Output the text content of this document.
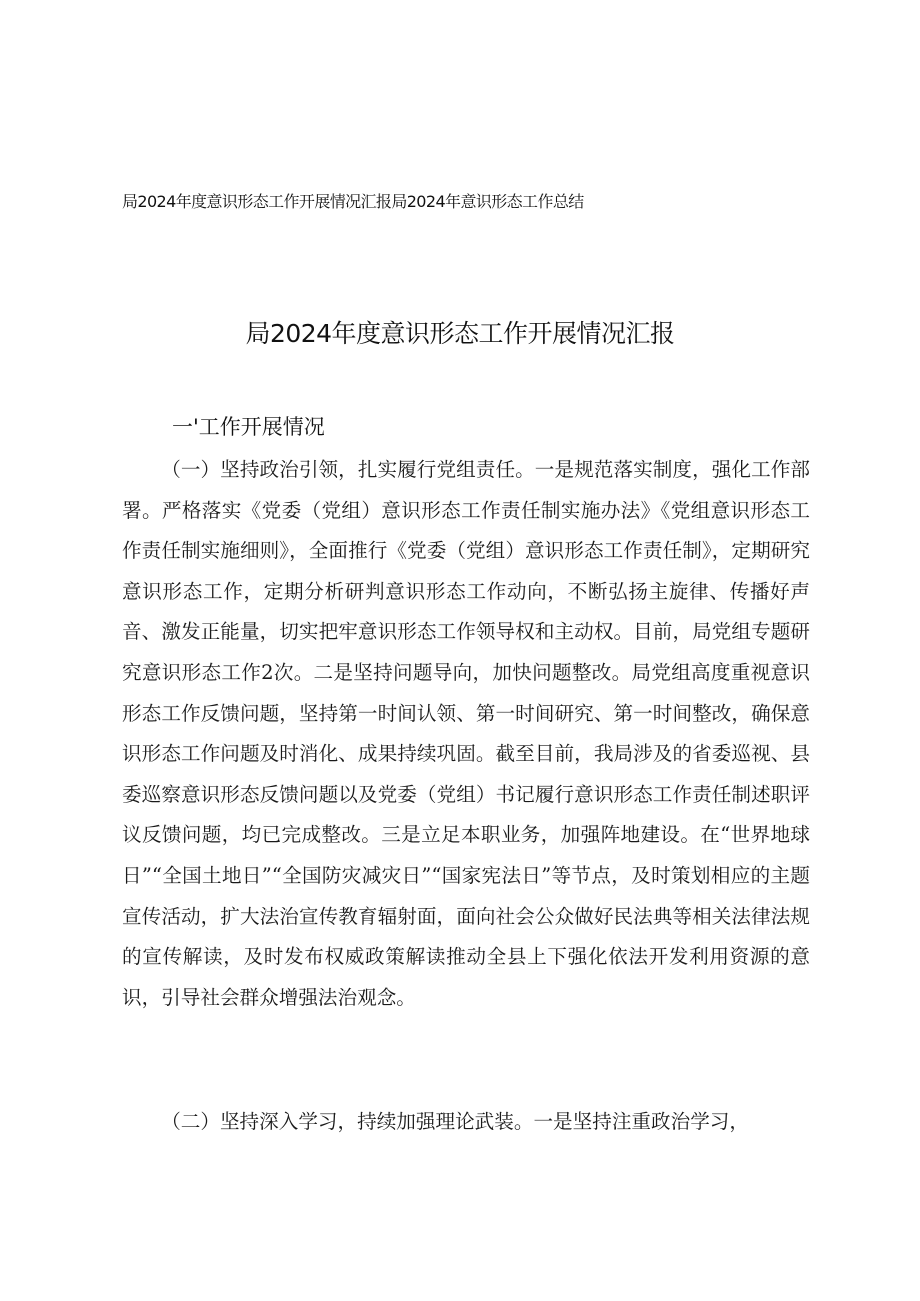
局2024年度意识形态工作开展情况汇报局2024年意识形态工作总结
局2024年度意识形态工作开展情况汇报
一'工作开展情况

（一）坚持政治引领，扎实履行党组责任。一是规范落实制度，强化工作部署。严格落实《党委（党组）意识形态工作责任制实施办法》《党组意识形态工作责任制实施细则》，全面推行《党委（党组）意识形态工作责任制》，定期研究意识形态工作，定期分析研判意识形态工作动向，不断弘扬主旋律、传播好声音、激发正能量，切实把牢意识形态工作领导权和主动权。目前，局党组专题研究意识形态工作2次。二是坚持问题导向，加快问题整改。局党组高度重视意识形态工作反馈问题，坚持第一时间认领、第一时间研究、第一时间整改，确保意识形态工作问题及时消化、成果持续巩固。截至目前，我局涉及的省委巡视、县委巡察意识形态反馈问题以及党委（党组）书记履行意识形态工作责任制述职评议反馈问题，均已完成整改。三是立足本职业务，加强阵地建设。在“世界地球日”“全国土地日”“全国防灾减灾日”“国家宪法日”等节点，及时策划相应的主题宣传活动，扩大法治宣传教育辐射面，面向社会公众做好民法典等相关法律法规的宣传解读，及时发布权威政策解读推动全县上下强化依法开发利用资源的意识，引导社会群众增强法治观念。

（二）坚持深入学习，持续加强理论武装。一是坚持注重政治学习，
